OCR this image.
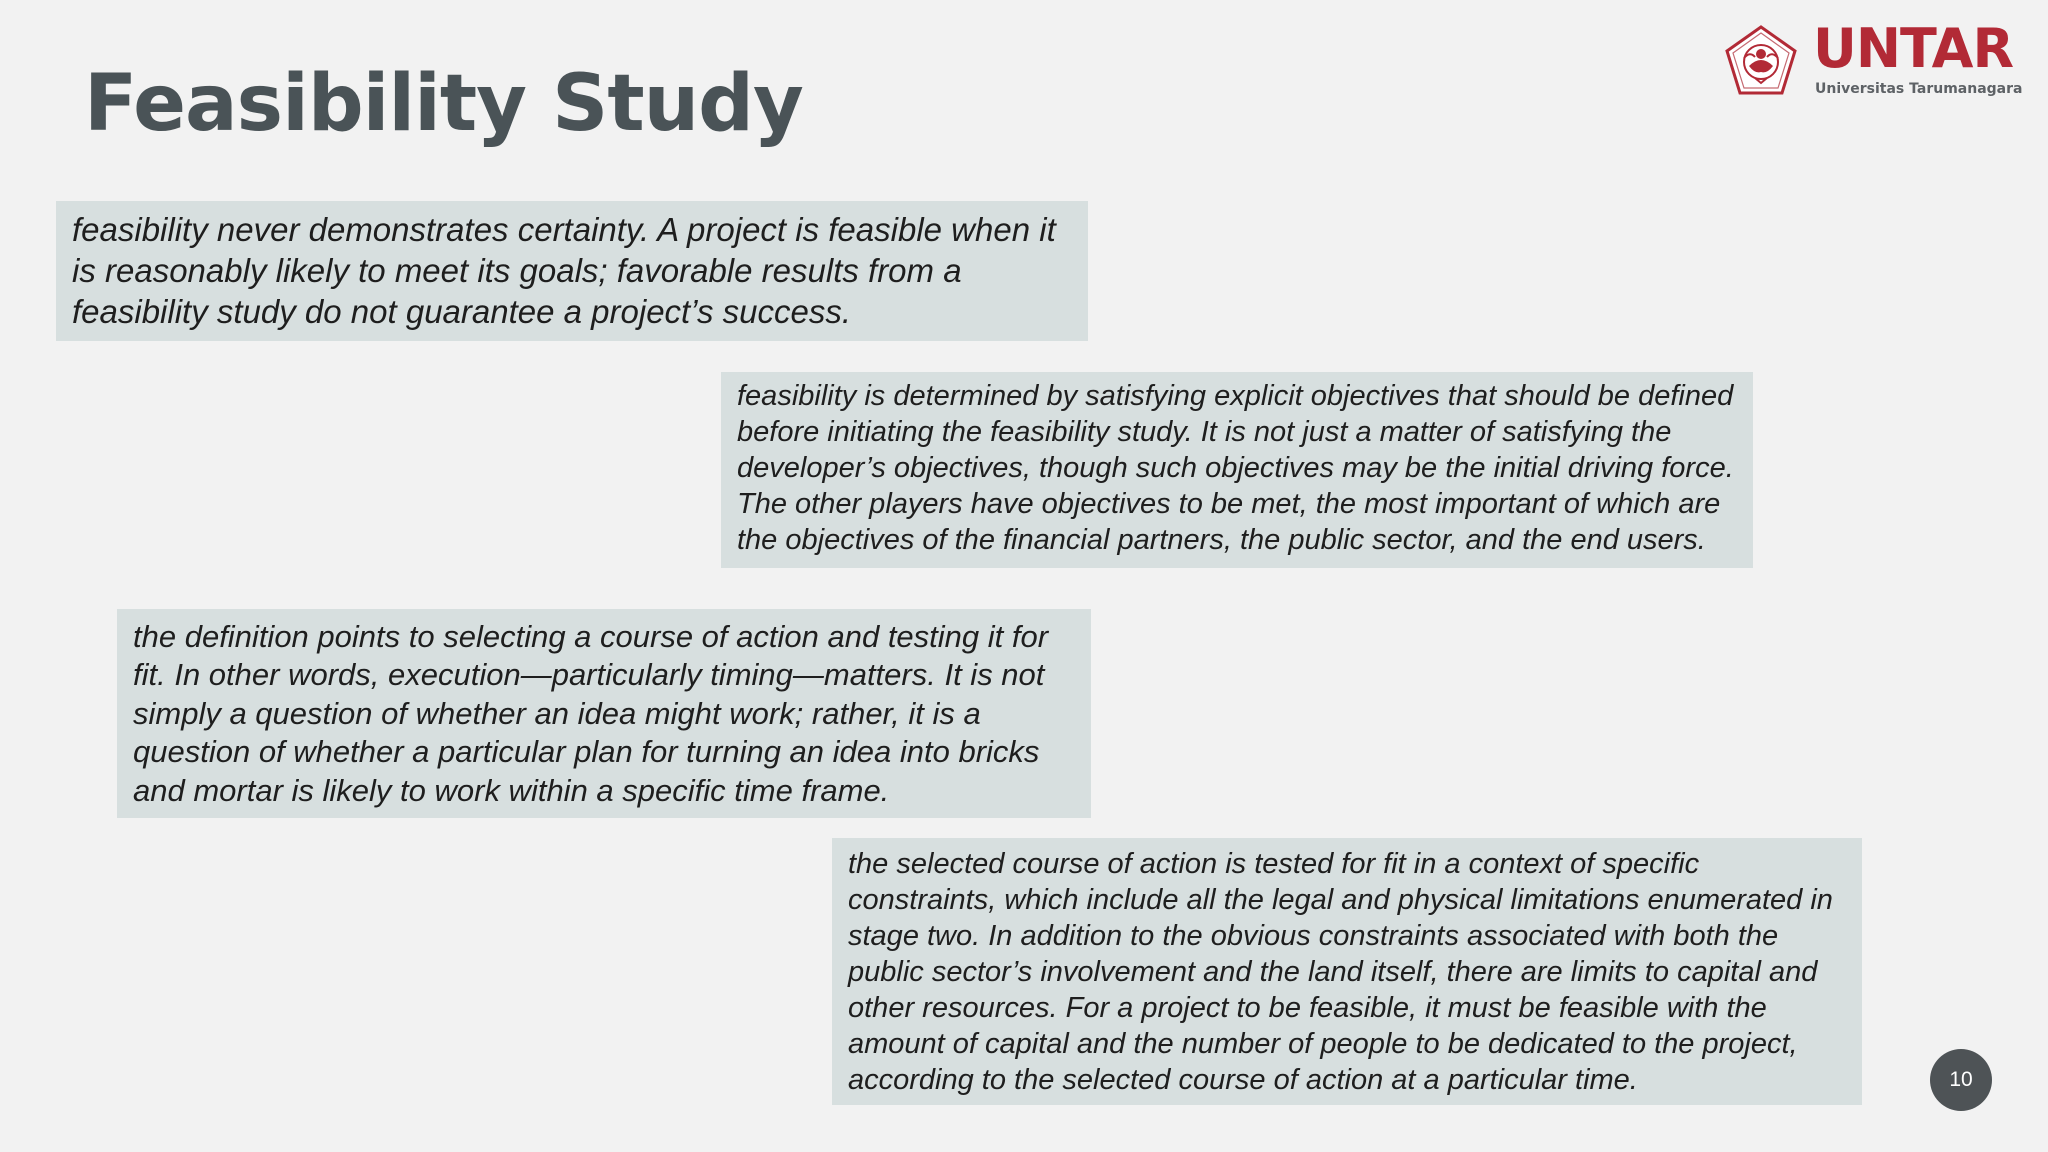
Feasibility Study
UNTAR
Universitas Tarumanagara

feasibility never demonstrates certainty. A project is feasible when it is reasonably likely to meet its goals; favorable results from a feasibility study do not guarantee a project’s success.

feasibility is determined by satisfying explicit objectives that should be defined before initiating the feasibility study. It is not just a matter of satisfying the developer’s objectives, though such objectives may be the initial driving force. The other players have objectives to be met, the most important of which are the objectives of the financial partners, the public sector, and the end users.

the definition points to selecting a course of action and testing it for fit. In other words, execution—particularly timing—matters. It is not simply a question of whether an idea might work; rather, it is a question of whether a particular plan for turning an idea into bricks and mortar is likely to work within a specific time frame.

the selected course of action is tested for fit in a context of specific constraints, which include all the legal and physical limitations enumerated in stage two. In addition to the obvious constraints associated with both the public sector’s involvement and the land itself, there are limits to capital and other resources. For a project to be feasible, it must be feasible with the amount of capital and the number of people to be dedicated to the project, according to the selected course of action at a particular time.	10
